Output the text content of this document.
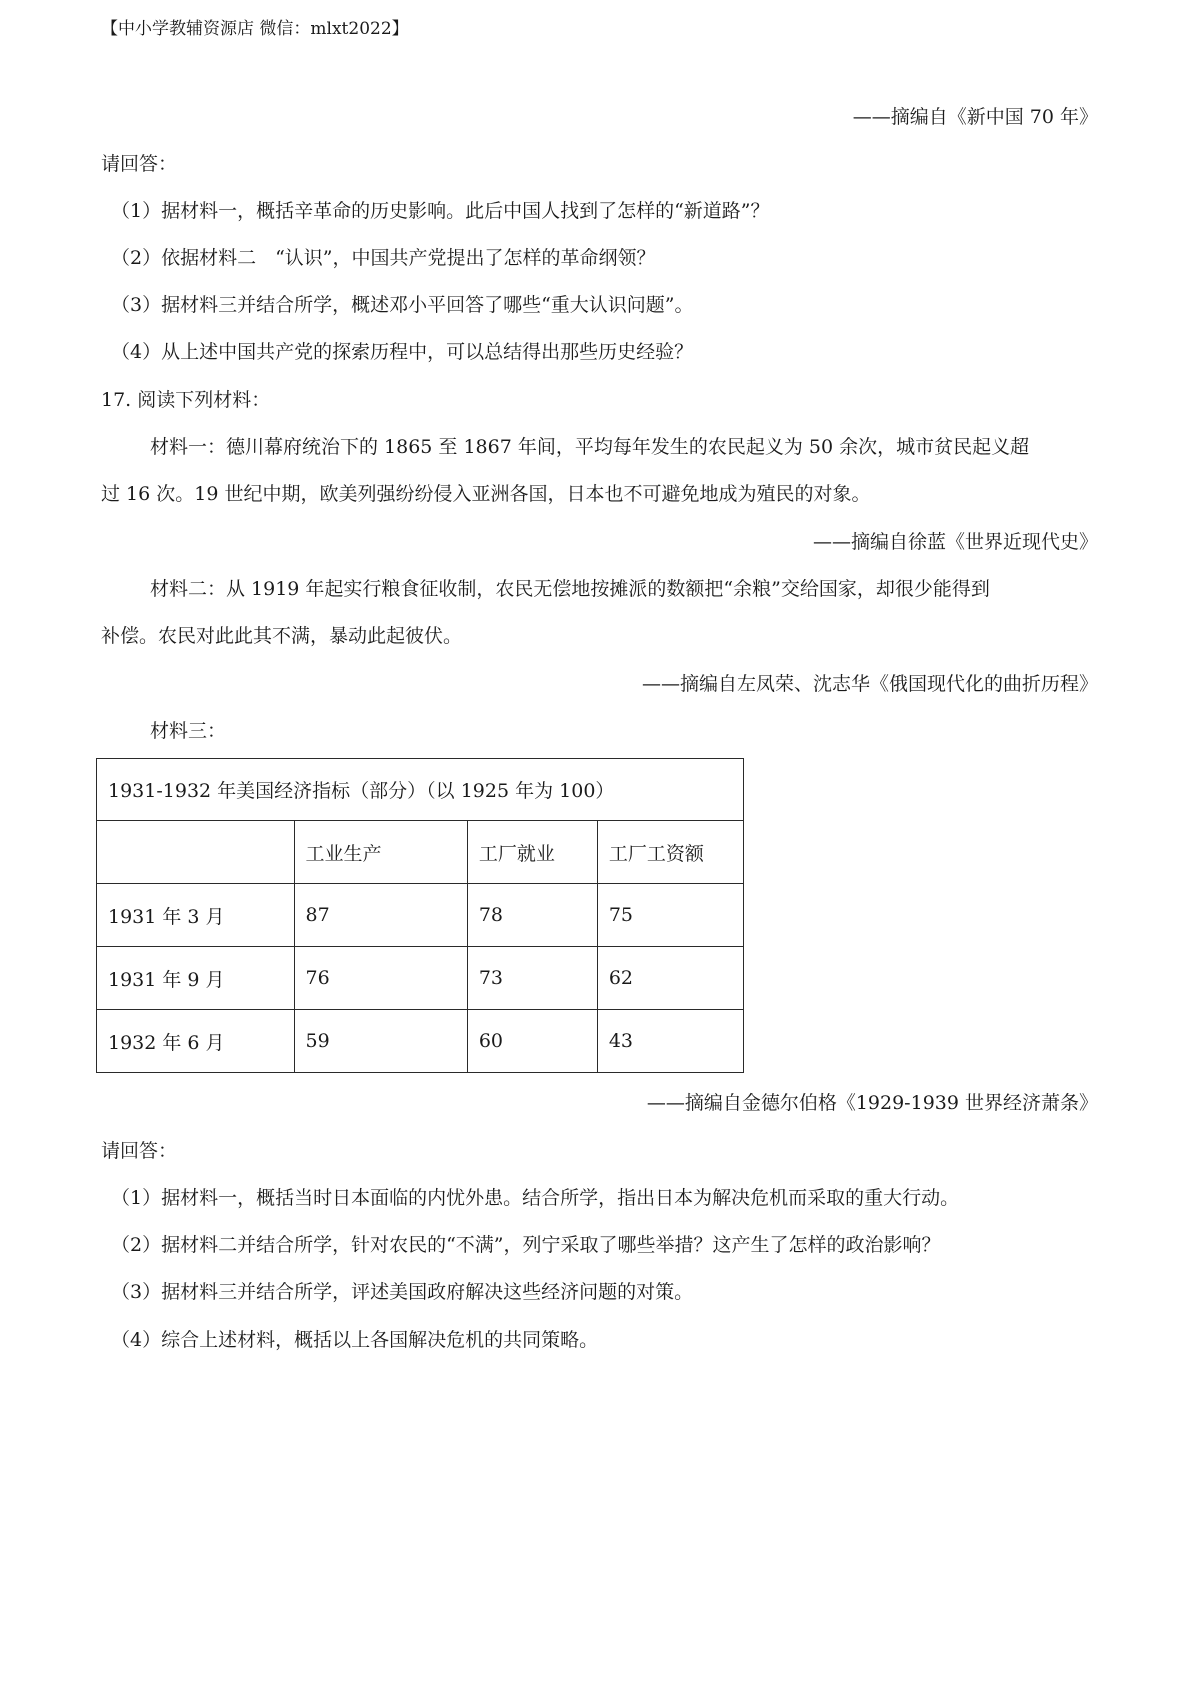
【中小学教辅资源店 微信：mlxt2022】
——摘编自《新中国 70 年》
请回答：
（1）据材料一，概括辛革命的历史影响。此后中国人找到了怎样的“新道路”？
（2）依据材料二　“认识”，中国共产党提出了怎样的革命纲领？
（3）据材料三并结合所学，概述邓小平回答了哪些“重大认识问题”。
（4）从上述中国共产党的探索历程中，可以总结得出那些历史经验？
17. 阅读下列材料：
材料一：德川幕府统治下的 1865 至 1867 年间，平均每年发生的农民起义为 50 余次，城市贫民起义超
过 16 次。19 世纪中期，欧美列强纷纷侵入亚洲各国，日本也不可避免地成为殖民的对象。
——摘编自徐蓝《世界近现代史》
材料二：从 1919 年起实行粮食征收制，农民无偿地按摊派的数额把“余粮”交给国家，却很少能得到
补偿。农民对此此其不满，暴动此起彼伏。
——摘编自左凤荣、沈志华《俄国现代化的曲折历程》
材料三：
1931-1932 年美国经济指标（部分）（以 1925 年为 100）			
	工业生产	工厂就业	工厂工资额
1931 年 3 月	87	78	75
1931 年 9 月	76	73	62
1932 年 6 月	59	60	43
——摘编自金德尔伯格《1929-1939 世界经济萧条》
请回答：
（1）据材料一，概括当时日本面临的内忧外患。结合所学，指出日本为解决危机而采取的重大行动。
（2）据材料二并结合所学，针对农民的“不满”，列宁采取了哪些举措？这产生了怎样的政治影响？
（3）据材料三并结合所学，评述美国政府解决这些经济问题的对策。
（4）综合上述材料，概括以上各国解决危机的共同策略。
